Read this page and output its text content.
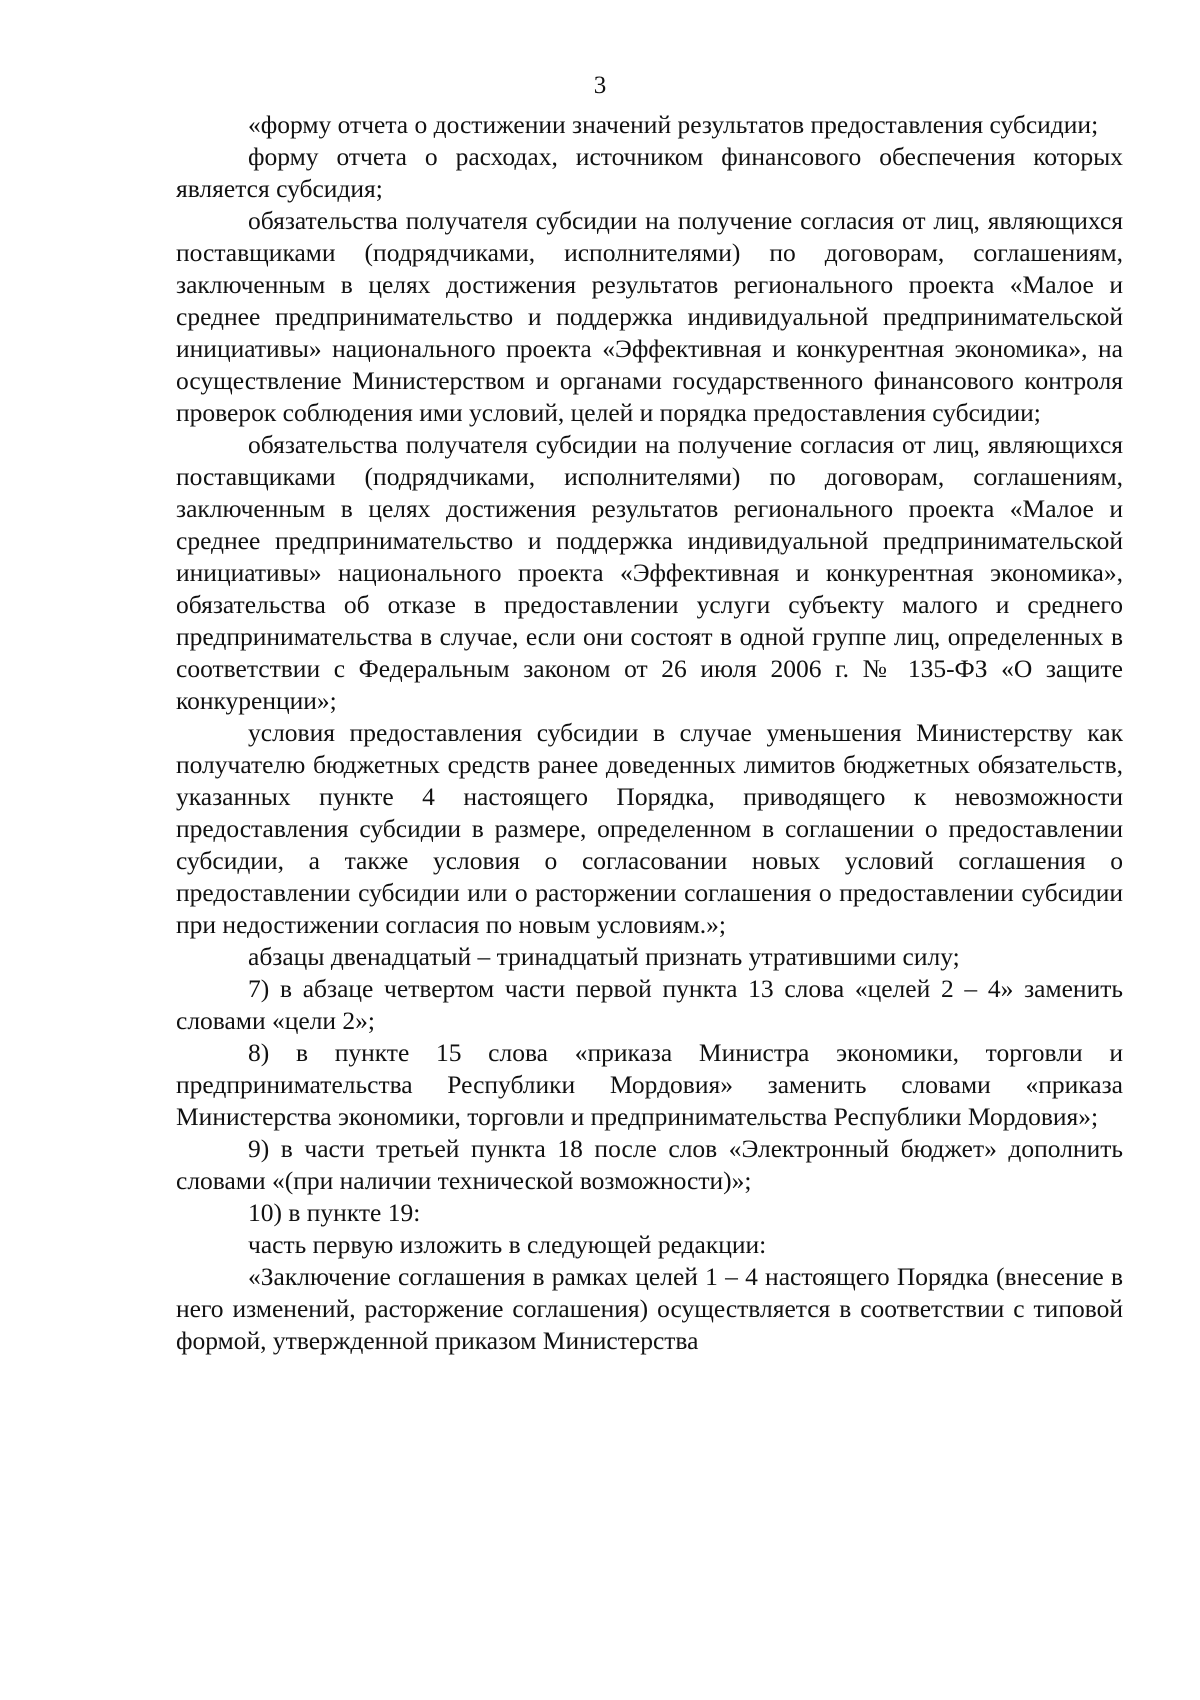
3

«форму отчета о достижении значений результатов предоставления субсидии;

форму отчета о расходах, источником финансового обеспечения которых является субсидия;

обязательства получателя субсидии на получение согласия от лиц, являющихся поставщиками (подрядчиками, исполнителями) по договорам, соглашениям, заключенным в целях достижения результатов регионального проекта «Малое и среднее предпринимательство и поддержка индивидуальной предпринимательской инициативы» национального проекта «Эффективная и конкурентная экономика», на осуществление Министерством и органами государственного финансового контроля проверок соблюдения ими условий, целей и порядка предоставления субсидии;

обязательства получателя субсидии на получение согласия от лиц, являющихся поставщиками (подрядчиками, исполнителями) по договорам, соглашениям, заключенным в целях достижения результатов регионального проекта «Малое и среднее предпринимательство и поддержка индивидуальной предпринимательской инициативы» национального проекта «Эффективная и конкурентная экономика», обязательства об отказе в предоставлении услуги субъекту малого и среднего предпринимательства в случае, если они состоят в одной группе лиц, определенных в соответствии с Федеральным законом от 26 июля 2006 г. № 135-ФЗ «О защите конкуренции»;

условия предоставления субсидии в случае уменьшения Министерству как получателю бюджетных средств ранее доведенных лимитов бюджетных обязательств, указанных пункте 4 настоящего Порядка, приводящего к невозможности предоставления субсидии в размере, определенном в соглашении о предоставлении субсидии, а также условия о согласовании новых условий соглашения о предоставлении субсидии или о расторжении соглашения о предоставлении субсидии при недостижении согласия по новым условиям.»;

абзацы двенадцатый – тринадцатый признать утратившими силу;

7) в абзаце четвертом части первой пункта 13 слова «целей 2 – 4» заменить словами «цели 2»;

8) в пункте 15 слова «приказа Министра экономики, торговли и предпринимательства Республики Мордовия» заменить словами «приказа Министерства экономики, торговли и предпринимательства Республики Мордовия»;

9) в части третьей пункта 18 после слов «Электронный бюджет» дополнить словами «(при наличии технической возможности)»;

10) в пункте 19:

часть первую изложить в следующей редакции:

«Заключение соглашения в рамках целей 1 – 4 настоящего Порядка (внесение в него изменений, расторжение соглашения) осуществляется в соответствии с типовой формой, утвержденной приказом Министерства
